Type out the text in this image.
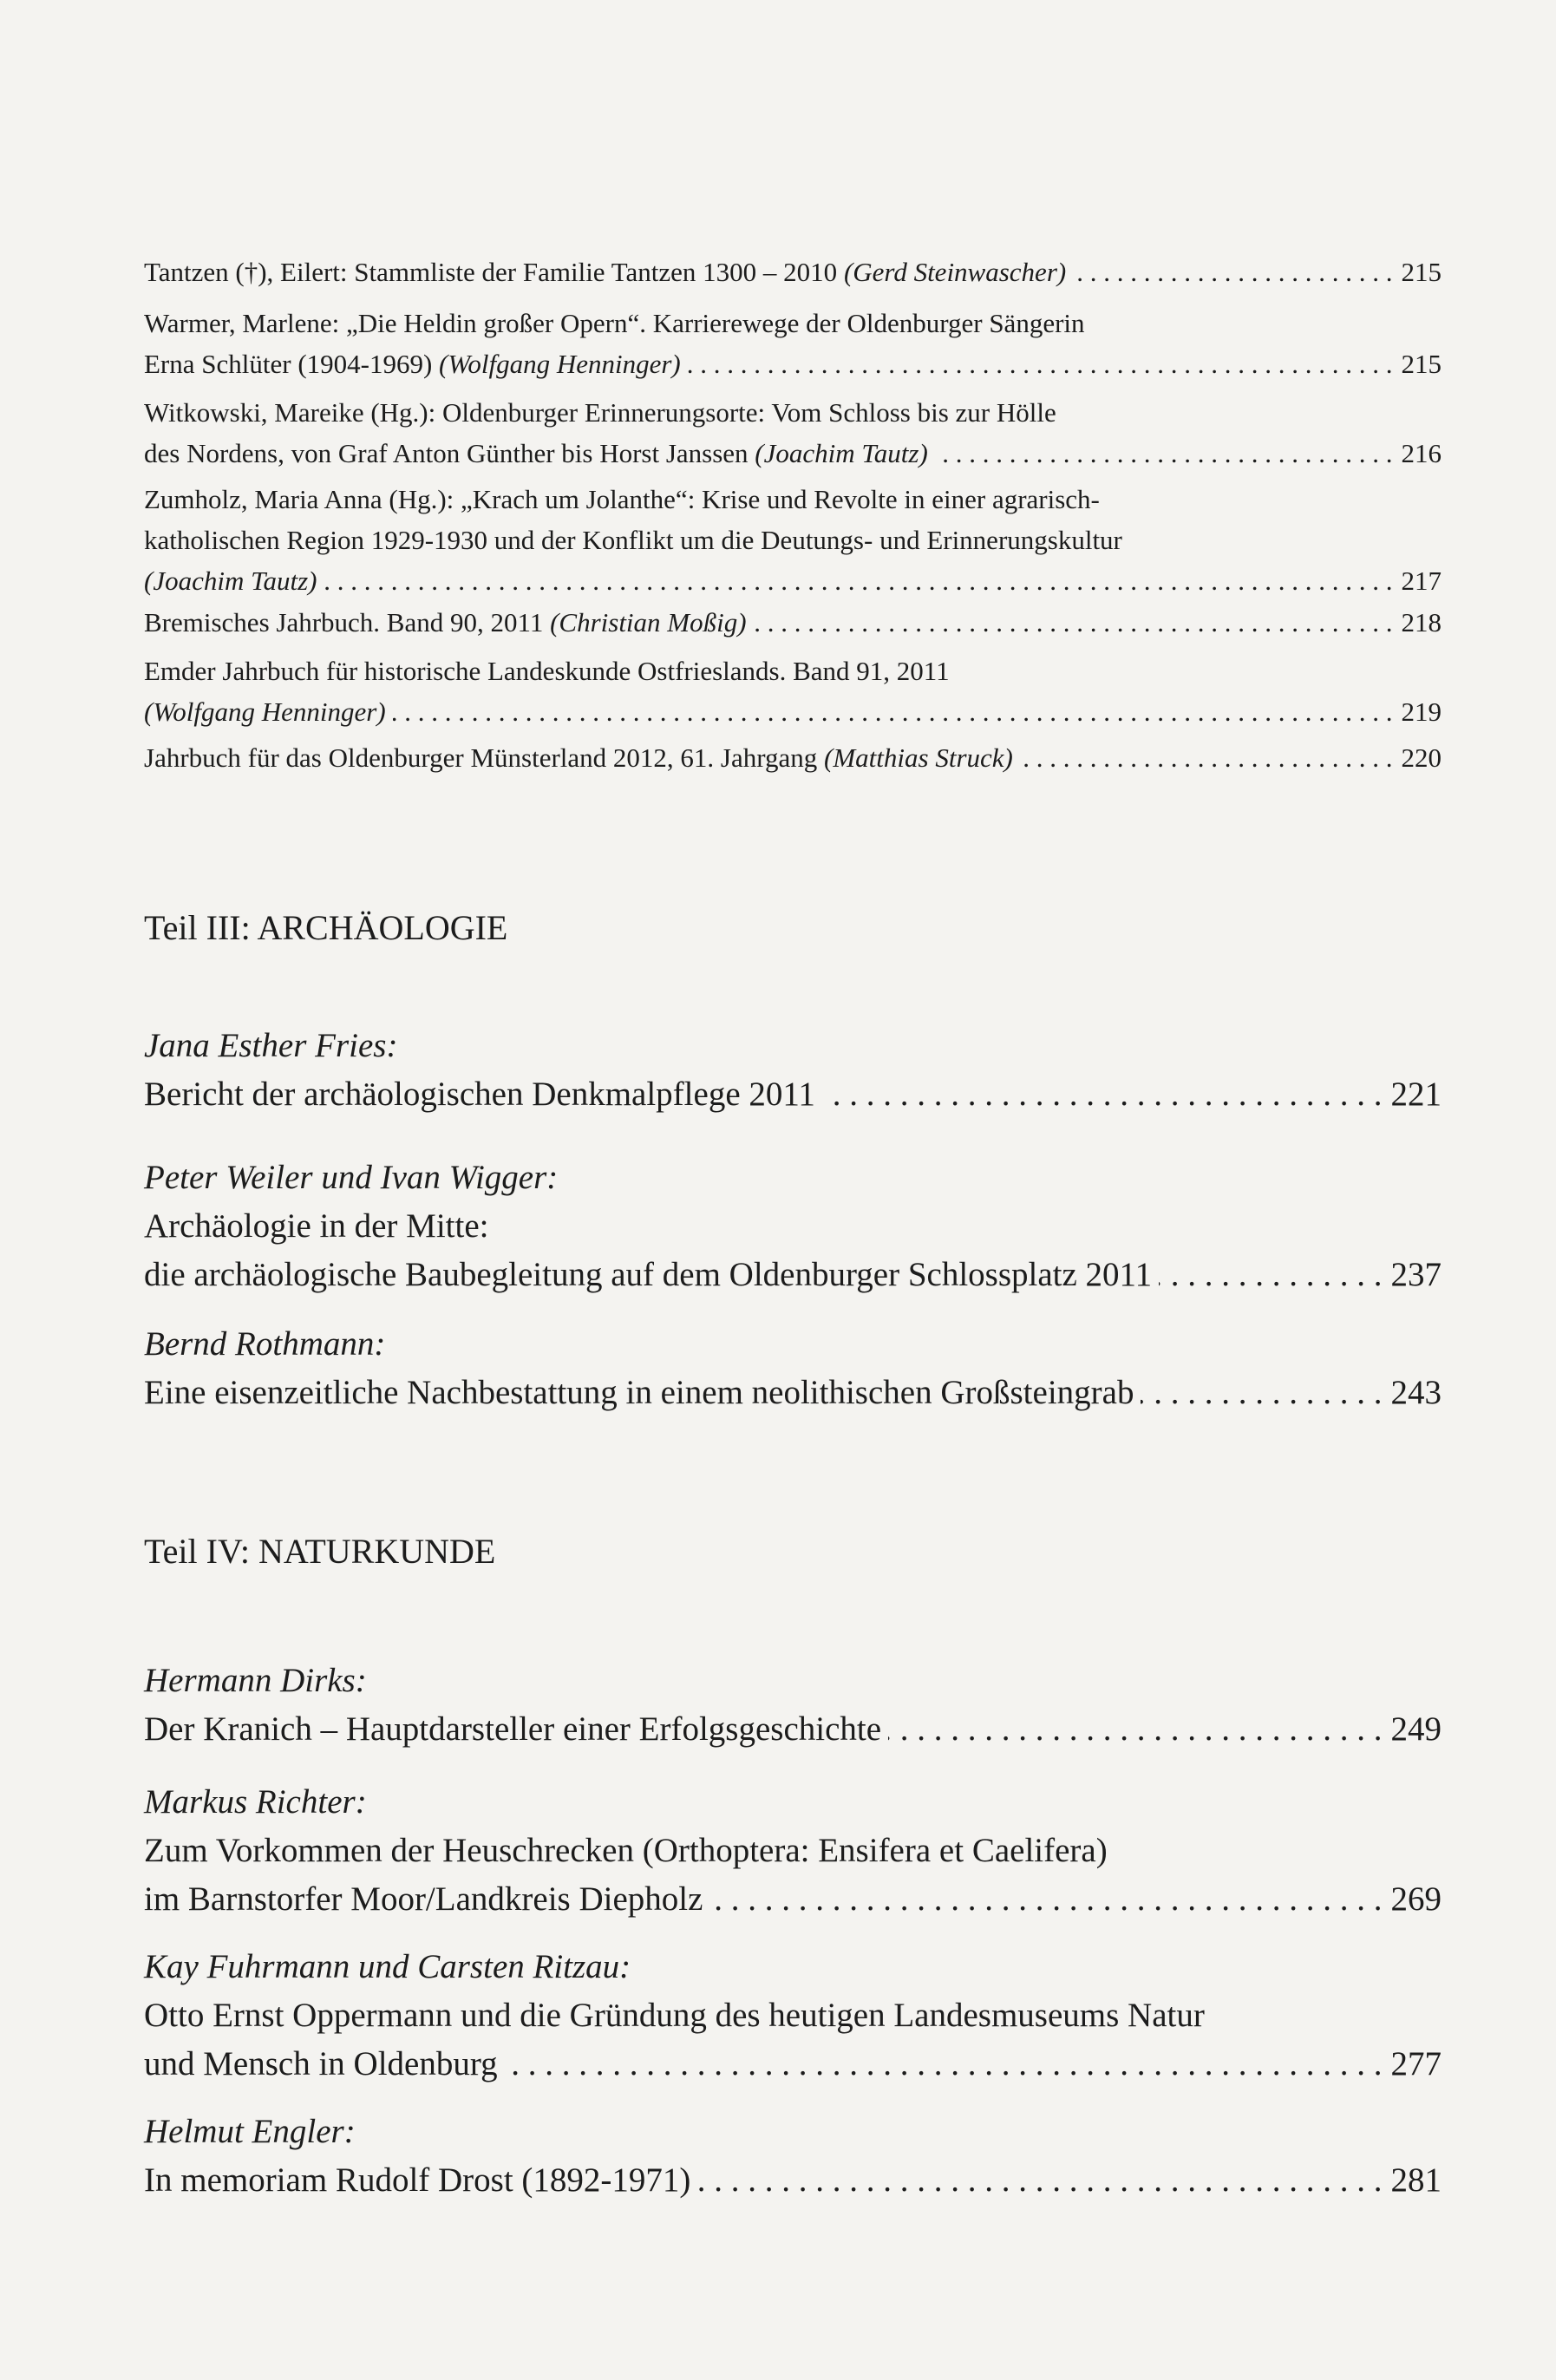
Tantzen (†), Eilert: Stammliste der Familie Tantzen 1300 – 2010 (Gerd Steinwascher) . . .	215
Warmer, Marlene: „Die Heldin großer Opern“. Karrierewege der Oldenburger Sängerin
Erna Schlüter (1904-1969) (Wolfgang Henninger) . . .	215
Witkowski, Mareike (Hg.): Oldenburger Erinnerungsorte: Vom Schloss bis zur Hölle
des Nordens, von Graf Anton Günther bis Horst Janssen (Joachim Tautz) . . .	216
Zumholz, Maria Anna (Hg.): „Krach um Jolanthe“: Krise und Revolte in einer agrarisch-
katholischen Region 1929-1930 und der Konflikt um die Deutungs- und Erinnerungskultur
(Joachim Tautz) . . .	217
Bremisches Jahrbuch. Band 90, 2011 (Christian Moßig) . . .	218
Emder Jahrbuch für historische Landeskunde Ostfrieslands. Band 91, 2011
(Wolfgang Henninger) . . .	219
Jahrbuch für das Oldenburger Münsterland 2012, 61. Jahrgang (Matthias Struck) . . .	220
Teil III: ARCHÄOLOGIE
Jana Esther Fries:
Bericht der archäologischen Denkmalpflege 2011 . . .	221
Peter Weiler und Ivan Wigger:
Archäologie in der Mitte:
die archäologische Baubegleitung auf dem Oldenburger Schlossplatz 2011 . . .	237
Bernd Rothmann:
Eine eisenzeitliche Nachbestattung in einem neolithischen Großsteingrab . . .	243
Teil IV: NATURKUNDE
Hermann Dirks:
Der Kranich – Hauptdarsteller einer Erfolgsgeschichte . . .	249
Markus Richter:
Zum Vorkommen der Heuschrecken (Orthoptera: Ensifera et Caelifera)
im Barnstorfer Moor/Landkreis Diepholz . . .	269
Kay Fuhrmann und Carsten Ritzau:
Otto Ernst Oppermann und die Gründung des heutigen Landesmuseums Natur
und Mensch in Oldenburg . . .	277
Helmut Engler:
In memoriam Rudolf Drost (1892-1971) . . .	281
